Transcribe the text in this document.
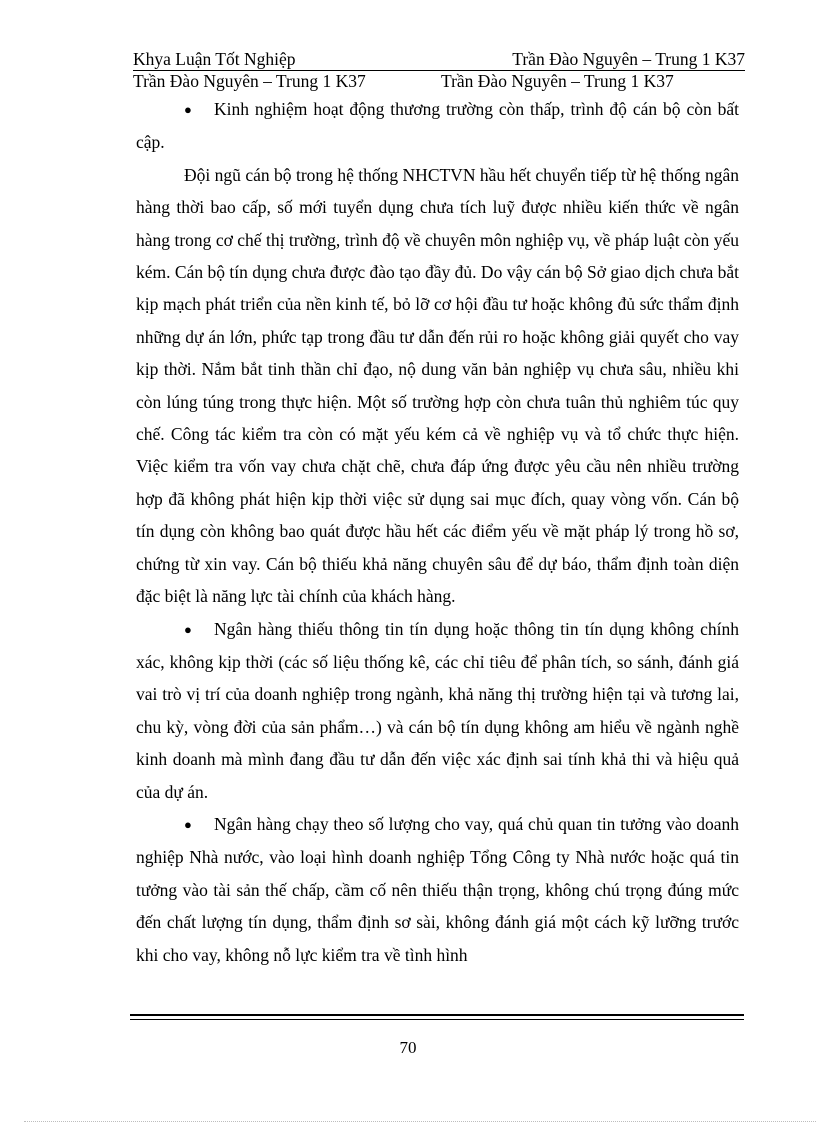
Khya Luận Tốt Nghiệp	Trần Đào Nguyên – Trung 1 K37
Trần Đào Nguyên – Trung 1 K37	Trần Đào Nguyên – Trung 1 K37

● Kinh nghiệm hoạt động thương trường còn thấp, trình độ cán bộ còn bất cập.

Đội ngũ cán bộ trong hệ thống NHCTVN hầu hết chuyển tiếp từ hệ thống ngân hàng thời bao cấp, số mới tuyển dụng chưa tích luỹ được nhiều kiến thức về ngân hàng trong cơ chế thị trường, trình độ về chuyên môn nghiệp vụ, về pháp luật còn yếu kém. Cán bộ tín dụng chưa được đào tạo đầy đủ. Do vậy cán bộ Sở giao dịch chưa bắt kịp mạch phát triển của nền kinh tế, bỏ lỡ cơ hội đầu tư hoặc không đủ sức thẩm định những dự án lớn, phức tạp trong đầu tư dẫn đến rủi ro hoặc không giải quyết cho vay kịp thời. Nắm bắt tinh thần chỉ đạo, nộ dung văn bản nghiệp vụ chưa sâu, nhiều khi còn lúng túng trong thực hiện. Một số trường hợp còn chưa tuân thủ nghiêm túc quy chế. Công tác kiểm tra còn có mặt yếu kém cả về nghiệp vụ và tổ chức thực hiện. Việc kiểm tra vốn vay chưa chặt chẽ, chưa đáp ứng được yêu cầu nên nhiều trường hợp đã không phát hiện kịp thời việc sử dụng sai mục đích, quay vòng vốn. Cán bộ tín dụng còn không bao quát được hầu hết các điểm yếu về mặt pháp lý trong hồ sơ, chứng từ xin vay. Cán bộ thiếu khả năng chuyên sâu để dự báo, thẩm định toàn diện đặc biệt là năng lực tài chính của khách hàng.

● Ngân hàng thiếu thông tin tín dụng hoặc thông tin tín dụng không chính xác, không kịp thời (các số liệu thống kê, các chỉ tiêu để phân tích, so sánh, đánh giá vai trò vị trí của doanh nghiệp trong ngành, khả năng thị trường hiện tại và tương lai, chu kỳ, vòng đời của sản phẩm…) và cán bộ tín dụng không am hiểu về ngành nghề kinh doanh mà mình đang đầu tư dẫn đến việc xác định sai tính khả thi và hiệu quả của dự án.

● Ngân hàng chạy theo số lượng cho vay, quá chủ quan tin tưởng vào doanh nghiệp Nhà nước, vào loại hình doanh nghiệp Tổng Công ty Nhà nước hoặc quá tin tưởng vào tài sản thế chấp, cầm cố nên thiếu thận trọng, không chú trọng đúng mức đến chất lượng tín dụng, thẩm định sơ sài, không đánh giá một cách kỹ lưỡng trước khi cho vay, không nỗ lực kiểm tra về tình hình

70
